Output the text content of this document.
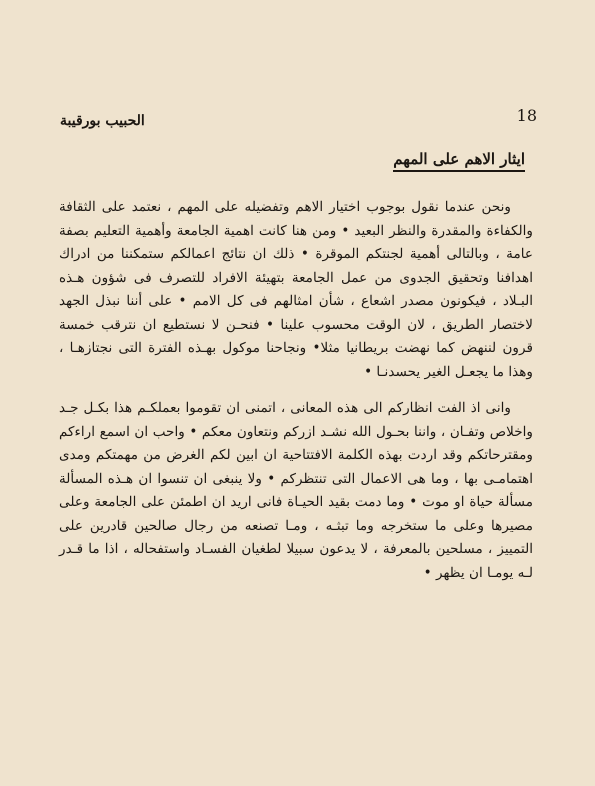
الحبيب بورقيبة	18
ايثار الاهم على المهم

ونحن عندما نقول بوجوب اختيار الاهم وتفضيله على المهم ، نعتمد على الثقافة والكفاءة والمقدرة والنظر البعيد • ومن هنا كانت اهمية الجامعة وأهمية التعليم بصفة عامة ، وبالتالى أهمية لجنتكم الموقرة • ذلك ان نتائج اعمالكم ستمكننا من ادراك اهدافنا وتحقيق الجدوى من عمل الجامعة بتهيئة الافراد للتصرف فى شؤون هـذه البـلاد ، فيكونون مصدر اشعاع ، شأن امثالهم فى كل الامم • على أننا نبذل الجهد لاختصار الطريق ، لان الوقت محسوب علينا • فنحـن لا نستطيع ان نترقب خمسة قرون لننهض كما نهضت بريطانيا مثلا• ونجاحنا موكول بهـذه الفترة التى نجتازهـا ، وهذا ما يجعـل الغير يحسدنـا •

وانى اذ الفت انظاركم الى هذه المعانى ، اتمنى ان تقوموا بعملكـم هذا بكـل جـد واخلاص وتفـان ، واننا بحـول الله نشـد ازركم ونتعاون معكم • واحب ان اسمع اراءكم ومقترحاتكم وقد اردت بهذه الكلمة الافتتاحية ان ابين لكم الغرض من مهمتكم ومدى اهتمامـى بها ، وما هى الاعمال التى تنتظركم • ولا ينبغى ان تنسوا ان هـذه المسألة مسألة حياة او موت • وما دمت بقيد الحيـاة فانى اريد ان اطمئن على الجامعة وعلى مصيرها وعلى ما ستخرجه وما تبثـه ، ومـا تصنعه من رجال صالحين قادرين على التمييز ، مسلحين بالمعرفة ، لا يدعون سبيلا لطغيان الفسـاد واستفحاله ، اذا ما قـدر لـه يومـا ان يظهر •
